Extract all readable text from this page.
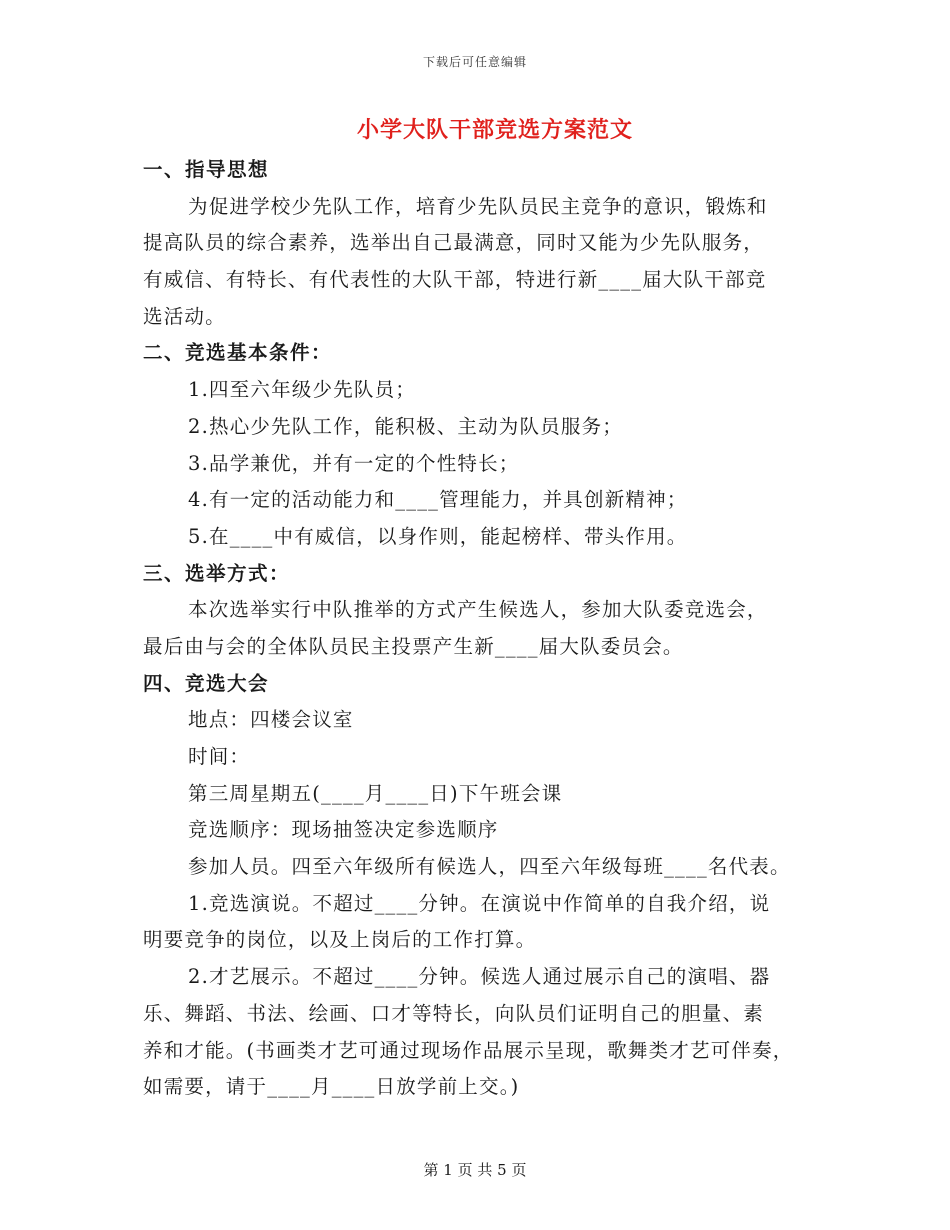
下载后可任意编辑
小学大队干部竞选方案范文
一、指导思想
为促进学校少先队工作，培育少先队员民主竞争的意识，锻炼和
提高队员的综合素养，选举出自己最满意，同时又能为少先队服务，
有威信、有特长、有代表性的大队干部，特进行新____届大队干部竞
选活动。
二、竞选基本条件：
1.四至六年级少先队员；
2.热心少先队工作，能积极、主动为队员服务；
3.品学兼优，并有一定的个性特长；
4.有一定的活动能力和____管理能力，并具创新精神；
5.在____中有威信，以身作则，能起榜样、带头作用。
三、选举方式：
本次选举实行中队推举的方式产生候选人，参加大队委竞选会，
最后由与会的全体队员民主投票产生新____届大队委员会。
四、竞选大会
地点：四楼会议室
时间：
第三周星期五(____月____日)下午班会课
竞选顺序：现场抽签决定参选顺序
参加人员。四至六年级所有候选人，四至六年级每班____名代表。
1.竞选演说。不超过____分钟。在演说中作简单的自我介绍，说
明要竞争的岗位，以及上岗后的工作打算。
2.才艺展示。不超过____分钟。候选人通过展示自己的演唱、器
乐、舞蹈、书法、绘画、口才等特长，向队员们证明自己的胆量、素
养和才能。(书画类才艺可通过现场作品展示呈现，歌舞类才艺可伴奏，
如需要，请于____月____日放学前上交。)
第 1 页 共 5 页
